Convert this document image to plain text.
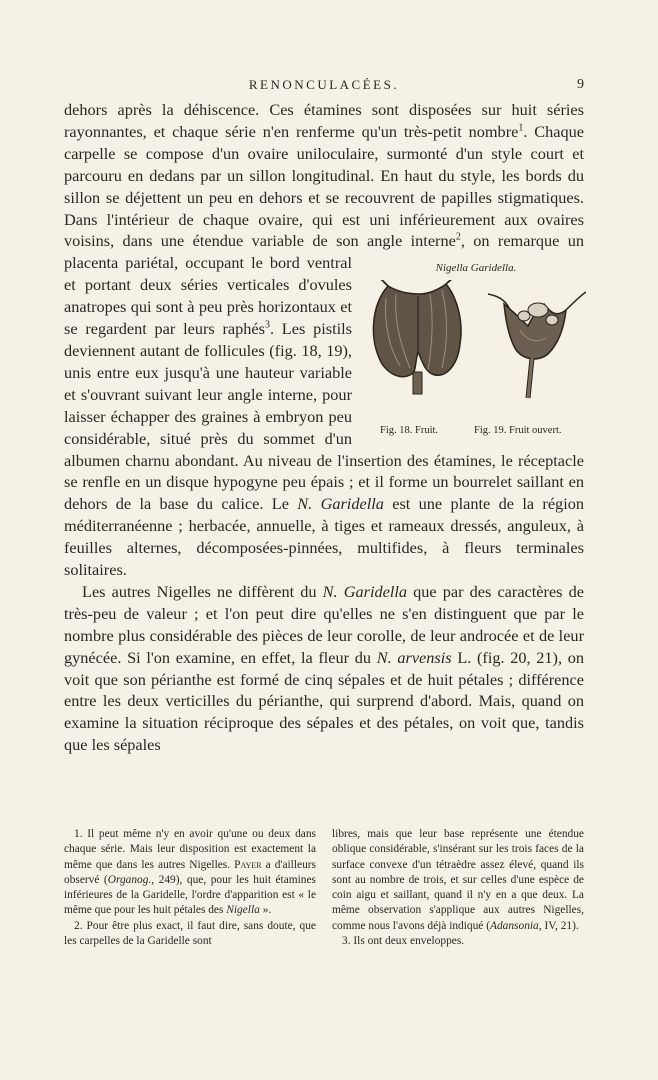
RENONCULACÉES.	9

dehors après la déhiscence. Ces étamines sont disposées sur huit séries rayonnantes, et chaque série n'en renferme qu'un très-petit nombre$^1$. Chaque carpelle se compose d'un ovaire uniloculaire, surmonté d'un style court et parcouru en dedans par un sillon longitudinal. En haut du style, les bords du sillon se déjettent un peu en dehors et se recouvrent de papilles stigmatiques. Dans l'intérieur de chaque ovaire, qui est uni inférieurement aux ovaires voisins, dans une étendue variable de son angle interne$^2$
Nigella Garidella.
Fig. 18. Fruit.	Fig. 19. Fruit ouvert.
, on remarque un placenta pariétal, occupant le bord ventral et portant deux séries verticales d'ovules anatropes qui sont à peu près horizontaux et se regardent par leurs raphés$^3$. Les pistils deviennent autant de follicules (fig. 18, 19), unis entre eux jusqu'à une hauteur variable et s'ouvrant suivant leur angle interne, pour laisser échapper des graines à embryon peu considérable, situé près du sommet d'un albumen charnu abondant. Au niveau de l'insertion des étamines, le réceptacle se renfle en un disque hypogyne peu épais ; et il forme un bourrelet saillant en dehors de la base du calice. Le N. Garidella est une plante de la région méditerranéenne ; herbacée, annuelle, à tiges et rameaux dressés, anguleux, à feuilles alternes, décomposées-pinnées, multifides, à fleurs terminales solitaires.

Les autres Nigelles ne diffèrent du N. Garidella que par des caractères de très-peu de valeur ; et l'on peut dire qu'elles ne s'en distinguent que par le nombre plus considérable des pièces de leur corolle, de leur androcée et de leur gynécée. Si l'on examine, en effet, la fleur du N. arvensis L. (fig. 20, 21), on voit que son périanthe est formé de cinq sépales et de huit pétales ; différence entre les deux verticilles du périanthe, qui surprend d'abord. Mais, quand on examine la situation réciproque des sépales et des pétales, on voit que, tandis que les sépales

1. Il peut même n'y en avoir qu'une ou deux dans chaque série. Mais leur disposition est exactement la même que dans les autres Nigelles. Payer a d'ailleurs observé (Organog., 249), que, pour les huit étamines inférieures de la Garidelle, l'ordre d'apparition est « le même que pour les huit pétales des Nigella ».

2. Pour être plus exact, il faut dire, sans doute, que les carpelles de la Garidelle sont

libres, mais que leur base représente une étendue oblique considérable, s'insérant sur les trois faces de la surface convexe d'un tétraèdre assez élevé, quand ils sont au nombre de trois, et sur celles d'une espèce de coin aigu et saillant, quand il n'y en a que deux. La même observation s'applique aux autres Nigelles, comme nous l'avons déjà indiqué (Adansonia, IV, 21).

3. Ils ont deux enveloppes.
